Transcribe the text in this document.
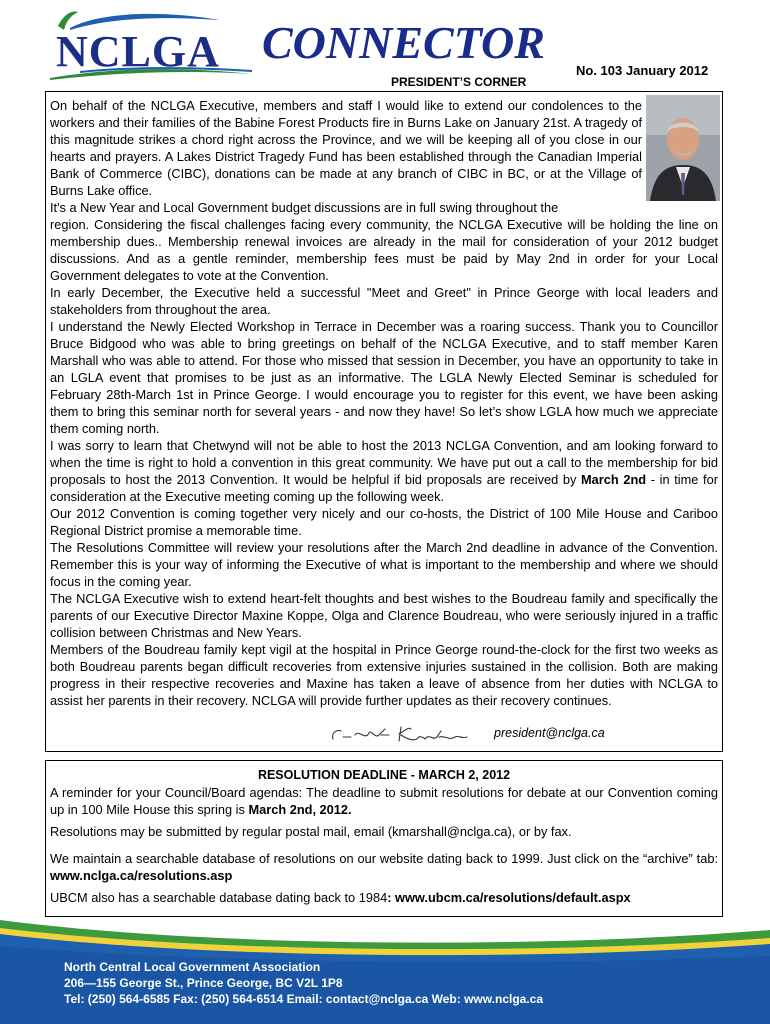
NCLGA CONNECTOR
No. 103 January 2012
PRESIDENT’S CORNER

On behalf of the NCLGA Executive, members and staff I would like to extend our condolences to the workers and their families of the Babine Forest Products fire in Burns Lake on January 21st. A tragedy of this magnitude strikes a chord right across the Province, and we will be keeping all of you close in our hearts and prayers. A Lakes District Tragedy Fund has been established through the Canadian Imperial Bank of Commerce (CIBC), donations can be made at any branch of CIBC in BC, or at the Village of Burns Lake office.

It's a New Year and Local Government budget discussions are in full swing throughout the

region. Considering the fiscal challenges facing every community, the NCLGA Executive will be holding the line on membership dues.. Membership renewal invoices are already in the mail for consideration of your 2012 budget discussions. And as a gentle reminder, membership fees must be paid by May 2nd in order for your Local Government delegates to vote at the Convention.

In early December, the Executive held a successful "Meet and Greet" in Prince George with local leaders and stakeholders from throughout the area.

I understand the Newly Elected Workshop in Terrace in December was a roaring success. Thank you to Councillor Bruce Bidgood who was able to bring greetings on behalf of the NCLGA Executive, and to staff member Karen Marshall who was able to attend. For those who missed that session in December, you have an opportunity to take in an LGLA event that promises to be just as an informative. The LGLA Newly Elected Seminar is scheduled for February 28th-March 1st in Prince George. I would encourage you to register for this event, we have been asking them to bring this seminar north for several years - and now they have! So let’s show LGLA how much we appreciate them coming north.

I was sorry to learn that Chetwynd will not be able to host the 2013 NCLGA Convention, and am looking forward to when the time is right to hold a convention in this great community. We have put out a call to the membership for bid proposals to host the 2013 Convention. It would be helpful if bid proposals are received by March 2nd - in time for consideration at the Executive meeting coming up the following week.

Our 2012 Convention is coming together very nicely and our co-hosts, the District of 100 Mile House and Cariboo Regional District promise a memorable time.

The Resolutions Committee will review your resolutions after the March 2nd deadline in advance of the Convention. Remember this is your way of informing the Executive of what is important to the membership and where we should focus in the coming year.

The NCLGA Executive wish to extend heart-felt thoughts and best wishes to the Boudreau family and specifically the parents of our Executive Director Maxine Koppe, Olga and Clarence Boudreau, who were seriously injured in a traffic collision between Christmas and New Years.

Members of the Boudreau family kept vigil at the hospital in Prince George round-the-clock for the first two weeks as both Boudreau parents began difficult recoveries from extensive injuries sustained in the collision. Both are making progress in their respective recoveries and Maxine has taken a leave of absence from her duties with NCLGA to assist her parents in their recovery. NCLGA will provide further updates as their recovery continues.

president@nclga.ca
RESOLUTION DEADLINE - MARCH 2, 2012

A reminder for your Council/Board agendas: The deadline to submit resolutions for debate at our Convention coming up in 100 Mile House this spring is March 2nd, 2012.

Resolutions may be submitted by regular postal mail, email (kmarshall@nclga.ca), or by fax.

We maintain a searchable database of resolutions on our website dating back to 1999. Just click on the “archive” tab: www.nclga.ca/resolutions.asp

UBCM also has a searchable database dating back to 1984: www.ubcm.ca/resolutions/default.aspx

North Central Local Government Association
206—155 George St., Prince George, BC V2L 1P8
Tel: (250) 564-6585 Fax: (250) 564-6514 Email: contact@nclga.ca Web: www.nclga.ca
